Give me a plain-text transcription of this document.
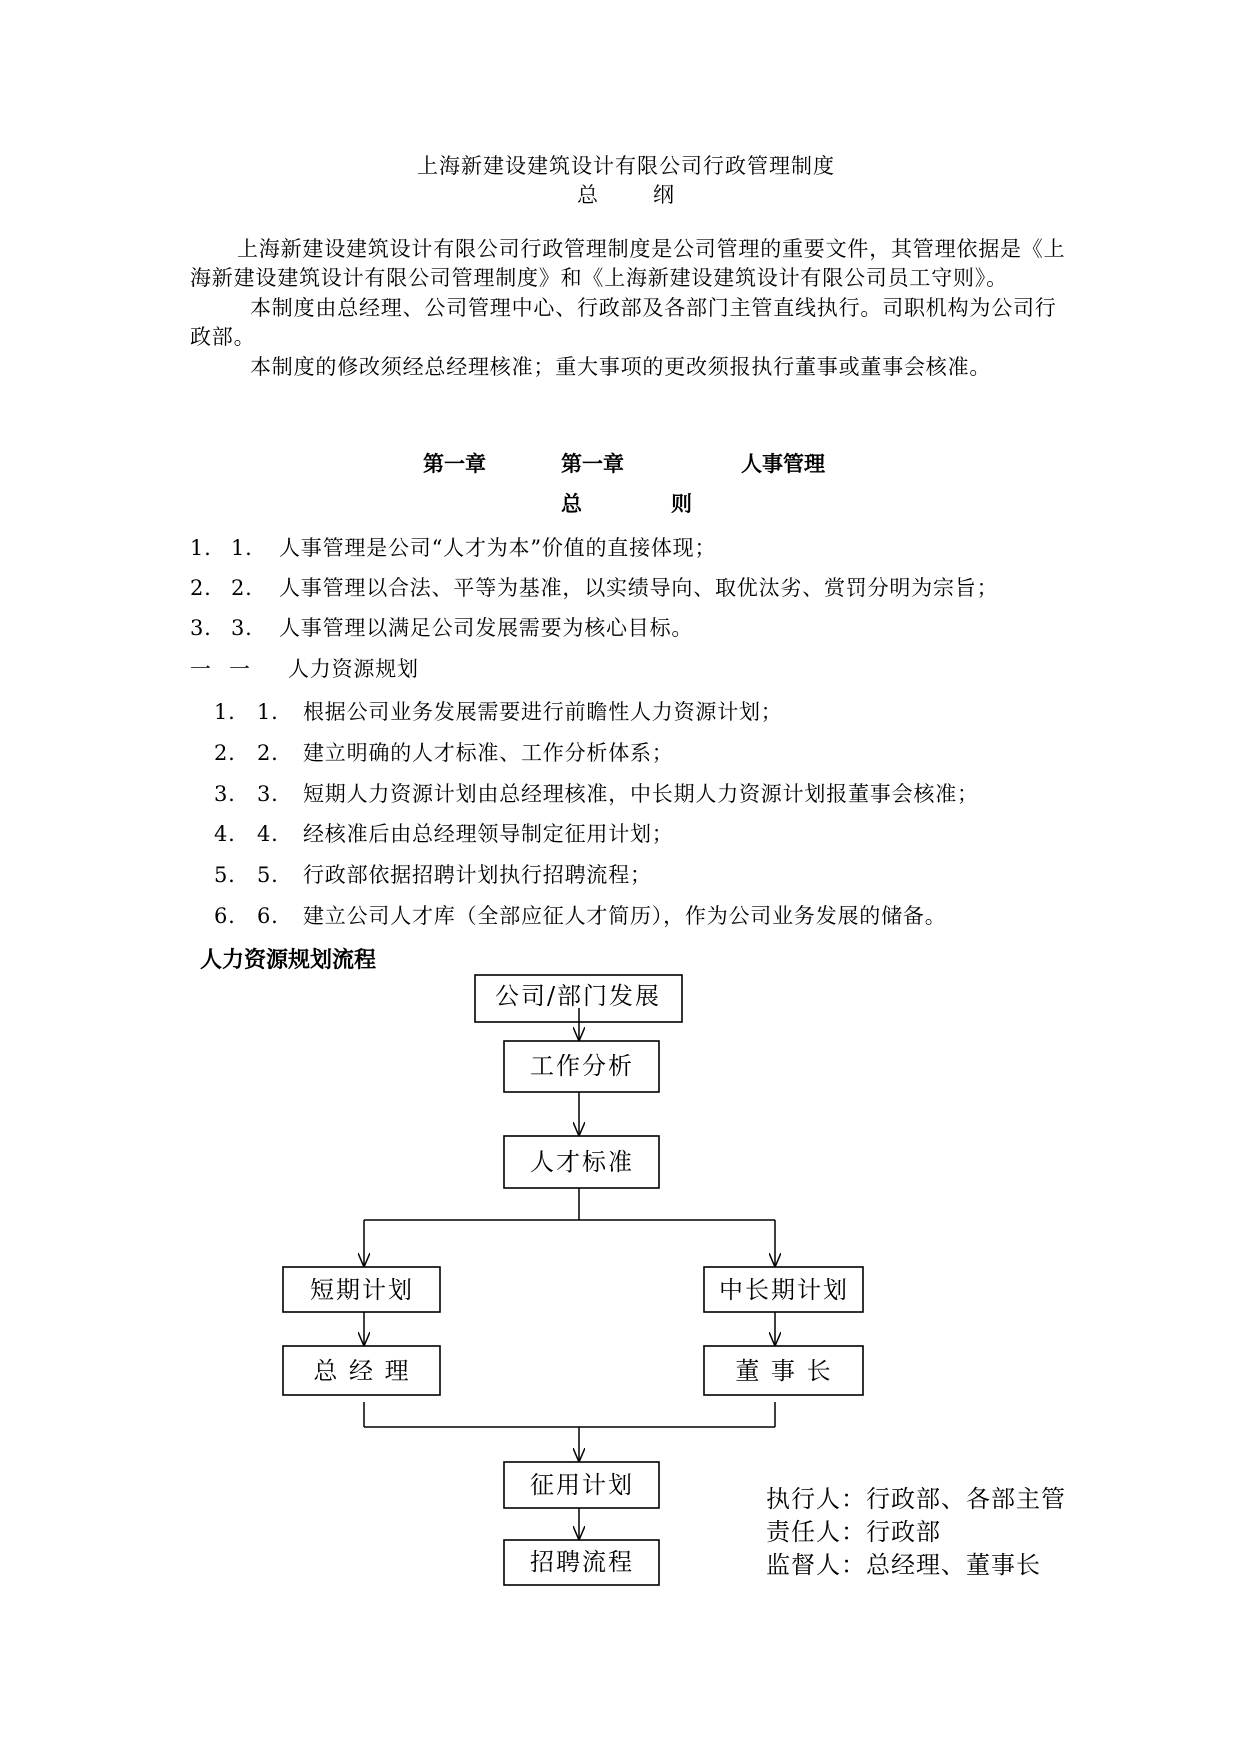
上海新建设建筑设计有限公司行政管理制度
总	纲

上海新建设建筑设计有限公司行政管理制度是公司管理的重要文件，其管理依据是《上海新建设建筑设计有限公司管理制度》和《上海新建设建筑设计有限公司员工守则》。

本制度由总经理、公司管理中心、行政部及各部门主管直线执行。司职机构为公司行政部。

本制度的修改须经总经理核准；重大事项的更改须报执行董事或董事会核准。

第一章	第一章	人事管理
总	则
1. 1. 人事管理是公司“人才为本”价值的直接体现；
2. 2. 人事管理以合法、平等为基准，以实绩导向、取优汰劣、赏罚分明为宗旨；
3. 3. 人事管理以满足公司发展需要为核心目标。
一 一 人力资源规划
1. 1. 根据公司业务发展需要进行前瞻性人力资源计划；
2. 2. 建立明确的人才标准、工作分析体系；
3. 3. 短期人力资源计划由总经理核准，中长期人力资源计划报董事会核准；
4. 4. 经核准后由总经理领导制定征用计划；
5. 5. 行政部依据招聘计划执行招聘流程；
6. 6. 建立公司人才库（全部应征人才简历），作为公司业务发展的储备。
人力资源规划流程
公司/部门发展
工作分析
人才标准
短期计划	中长期计划
总 经 理	董 事 长
征用计划
招聘流程
执行人：行政部、各部主管
责任人：行政部
监督人：总经理、董事长
